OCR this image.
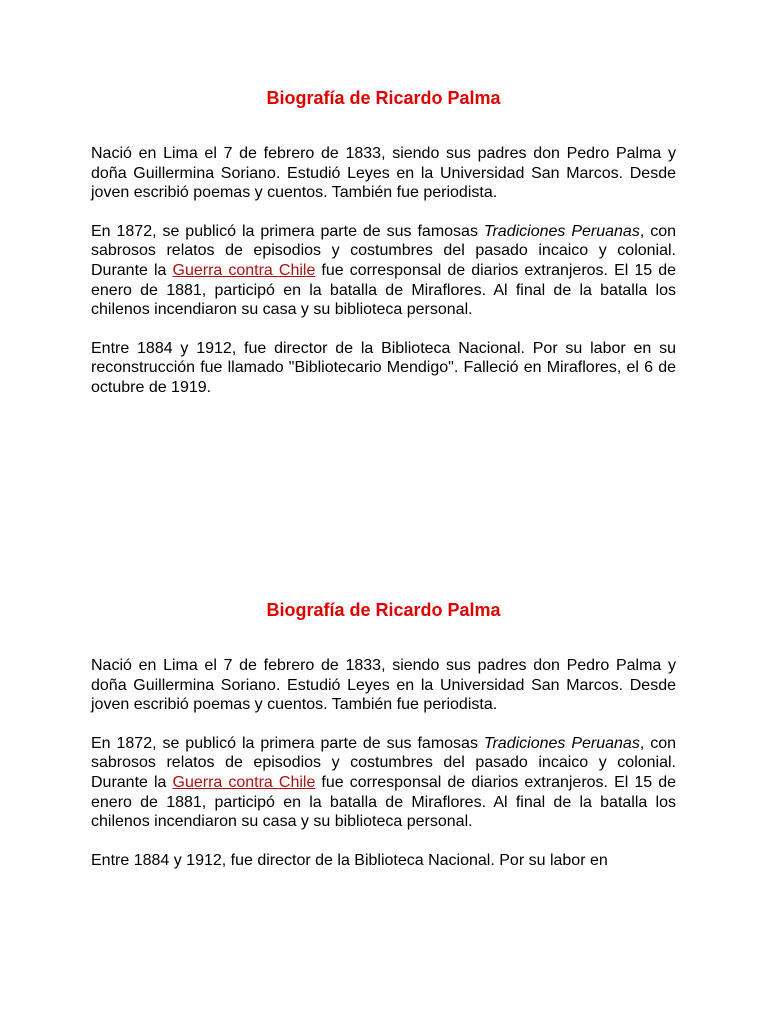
Biografía de Ricardo Palma

Nació en Lima el 7 de febrero de 1833, siendo sus padres don Pedro Palma y doña Guillermina Soriano. Estudió Leyes en la Universidad San Marcos. Desde joven escribió poemas y cuentos. También fue periodista.

En 1872, se publicó la primera parte de sus famosas Tradiciones Peruanas, con sabrosos relatos de episodios y costumbres del pasado incaico y colonial. Durante la Guerra contra Chile fue corresponsal de diarios extranjeros. El 15 de enero de 1881, participó en la batalla de Miraflores. Al final de la batalla los chilenos incendiaron su casa y su biblioteca personal.

Entre 1884 y 1912, fue director de la Biblioteca Nacional. Por su labor en su reconstrucción fue llamado "Bibliotecario Mendigo". Falleció en Miraflores, el 6 de octubre de 1919.

Biografía de Ricardo Palma

Nació en Lima el 7 de febrero de 1833, siendo sus padres don Pedro Palma y doña Guillermina Soriano. Estudió Leyes en la Universidad San Marcos. Desde joven escribió poemas y cuentos. También fue periodista.

En 1872, se publicó la primera parte de sus famosas Tradiciones Peruanas, con sabrosos relatos de episodios y costumbres del pasado incaico y colonial. Durante la Guerra contra Chile fue corresponsal de diarios extranjeros. El 15 de enero de 1881, participó en la batalla de Miraflores. Al final de la batalla los chilenos incendiaron su casa y su biblioteca personal.

Entre 1884 y 1912, fue director de la Biblioteca Nacional. Por su labor en
